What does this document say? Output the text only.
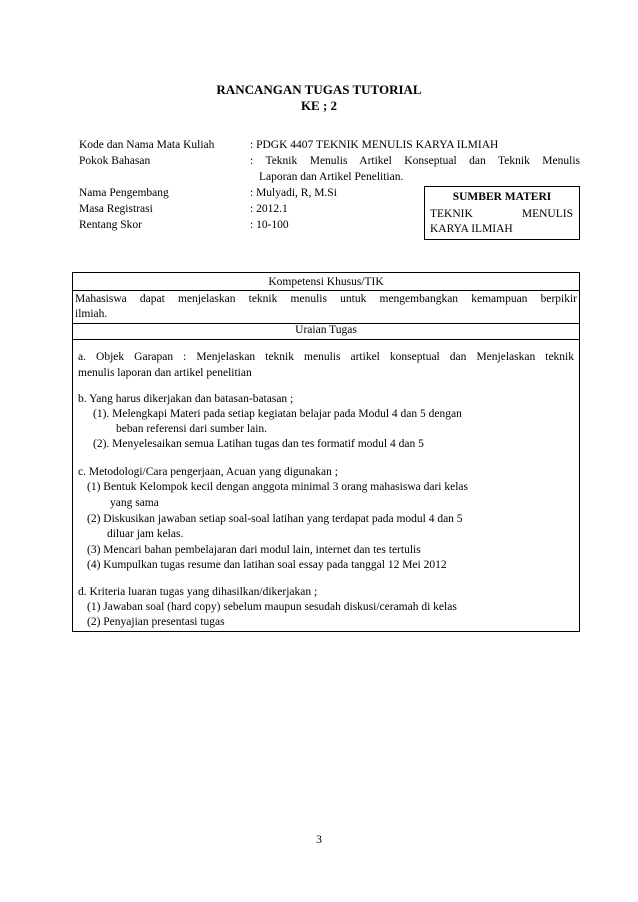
RANCANGAN TUGAS TUTORIAL
KE ; 2
Kode dan Nama Mata Kuliah	: PDGK 4407 TEKNIK MENULIS KARYA ILMIAH
Pokok Bahasan	: Teknik Menulis Artikel Konseptual dan Teknik Menulis
Laporan dan Artikel Penelitian.
Nama Pengembang	: Mulyadi, R, M.Si
Masa Registrasi	: 2012.1
Rentang Skor	: 10-100
SUMBER MATERI
TEKNIK	MENULIS
KARYA ILMIAH
Kompetensi Khusus/TIK
Mahasiswa dapat menjelaskan teknik menulis untuk mengembangkan kemampuan berpikir
ilmiah.
Uraian Tugas
a. Objek Garapan : Menjelaskan teknik menulis artikel konseptual dan Menjelaskan teknik
menulis laporan dan artikel penelitian
b. Yang harus dikerjakan dan batasan-batasan ;
(1). Melengkapi Materi pada setiap kegiatan belajar pada Modul 4 dan 5 dengan
beban referensi dari sumber lain.
(2). Menyelesaikan semua Latihan tugas dan tes formatif modul 4 dan 5
c. Metodologi/Cara pengerjaan, Acuan yang digunakan ;
(1) Bentuk Kelompok kecil dengan anggota minimal 3 orang mahasiswa dari kelas
yang sama
(2) Diskusikan jawaban setiap soal-soal latihan yang terdapat pada modul 4 dan 5
diluar jam kelas.
(3) Mencari bahan pembelajaran dari modul lain, internet dan tes tertulis
(4) Kumpulkan tugas resume dan latihan soal essay pada tanggal 12 Mei 2012
d. Kriteria luaran tugas yang dihasilkan/dikerjakan ;
(1) Jawaban soal (hard copy) sebelum maupun sesudah diskusi/ceramah di kelas
(2) Penyajian presentasi tugas
3
